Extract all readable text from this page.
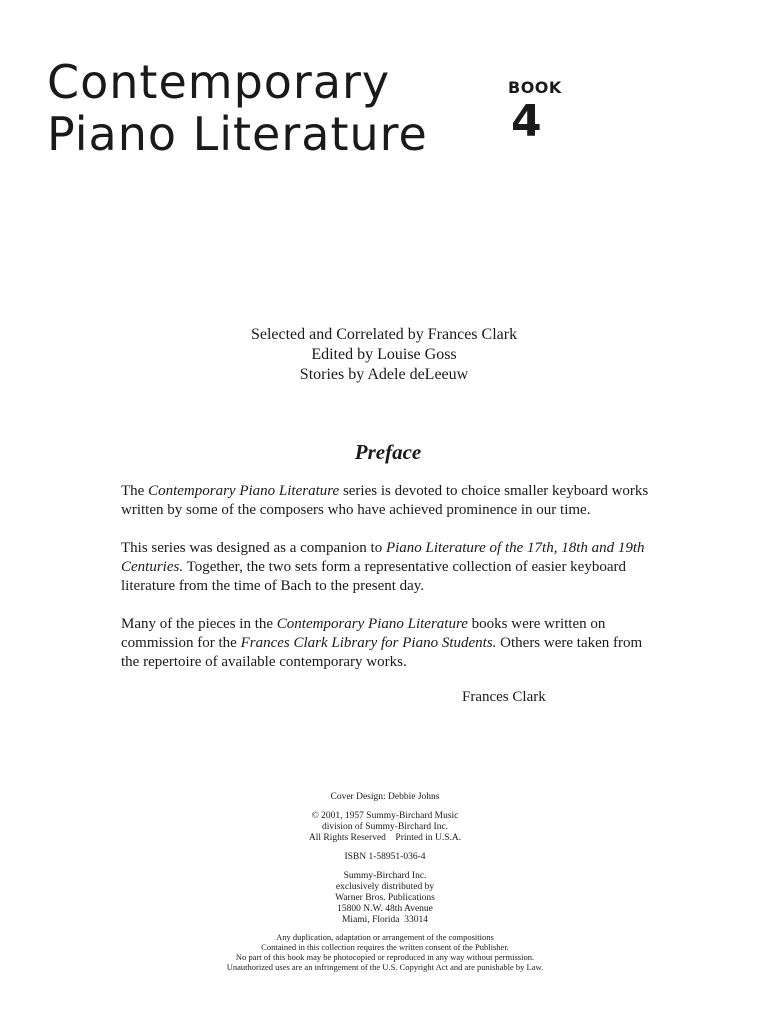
Contemporary
Piano Literature
BOOK
4
Selected and Correlated by Frances Clark
Edited by Louise Goss
Stories by Adele deLeeuw
Preface

The Contemporary Piano Literature series is devoted to choice smaller keyboard works written by some of the composers who have achieved prominence in our time.

This series was designed as a companion to Piano Literature of the 17th, 18th and 19th Centuries. Together, the two sets form a representative collection of easier keyboard literature from the time of Bach to the present day.

Many of the pieces in the Contemporary Piano Literature books were written on commission for the Frances Clark Library for Piano Students. Others were taken from the repertoire of available contemporary works.

Frances Clark
Cover Design: Debbie Johns
© 2001, 1957 Summy-Birchard Music
division of Summy-Birchard Inc.
All Rights Reserved    Printed in U.S.A.
ISBN 1-58951-036-4
Summy-Birchard Inc.
exclusively distributed by
Warner Bros. Publications
15800 N.W. 48th Avenue
Miami, Florida  33014
Any duplication, adaptation or arrangement of the compositions
Contained in this collection requires the written consent of the Publisher.
No part of this book may be photocopied or reproduced in any way without permission.
Unauthorized uses are an infringement of the U.S. Copyright Act and are punishable by Law.
